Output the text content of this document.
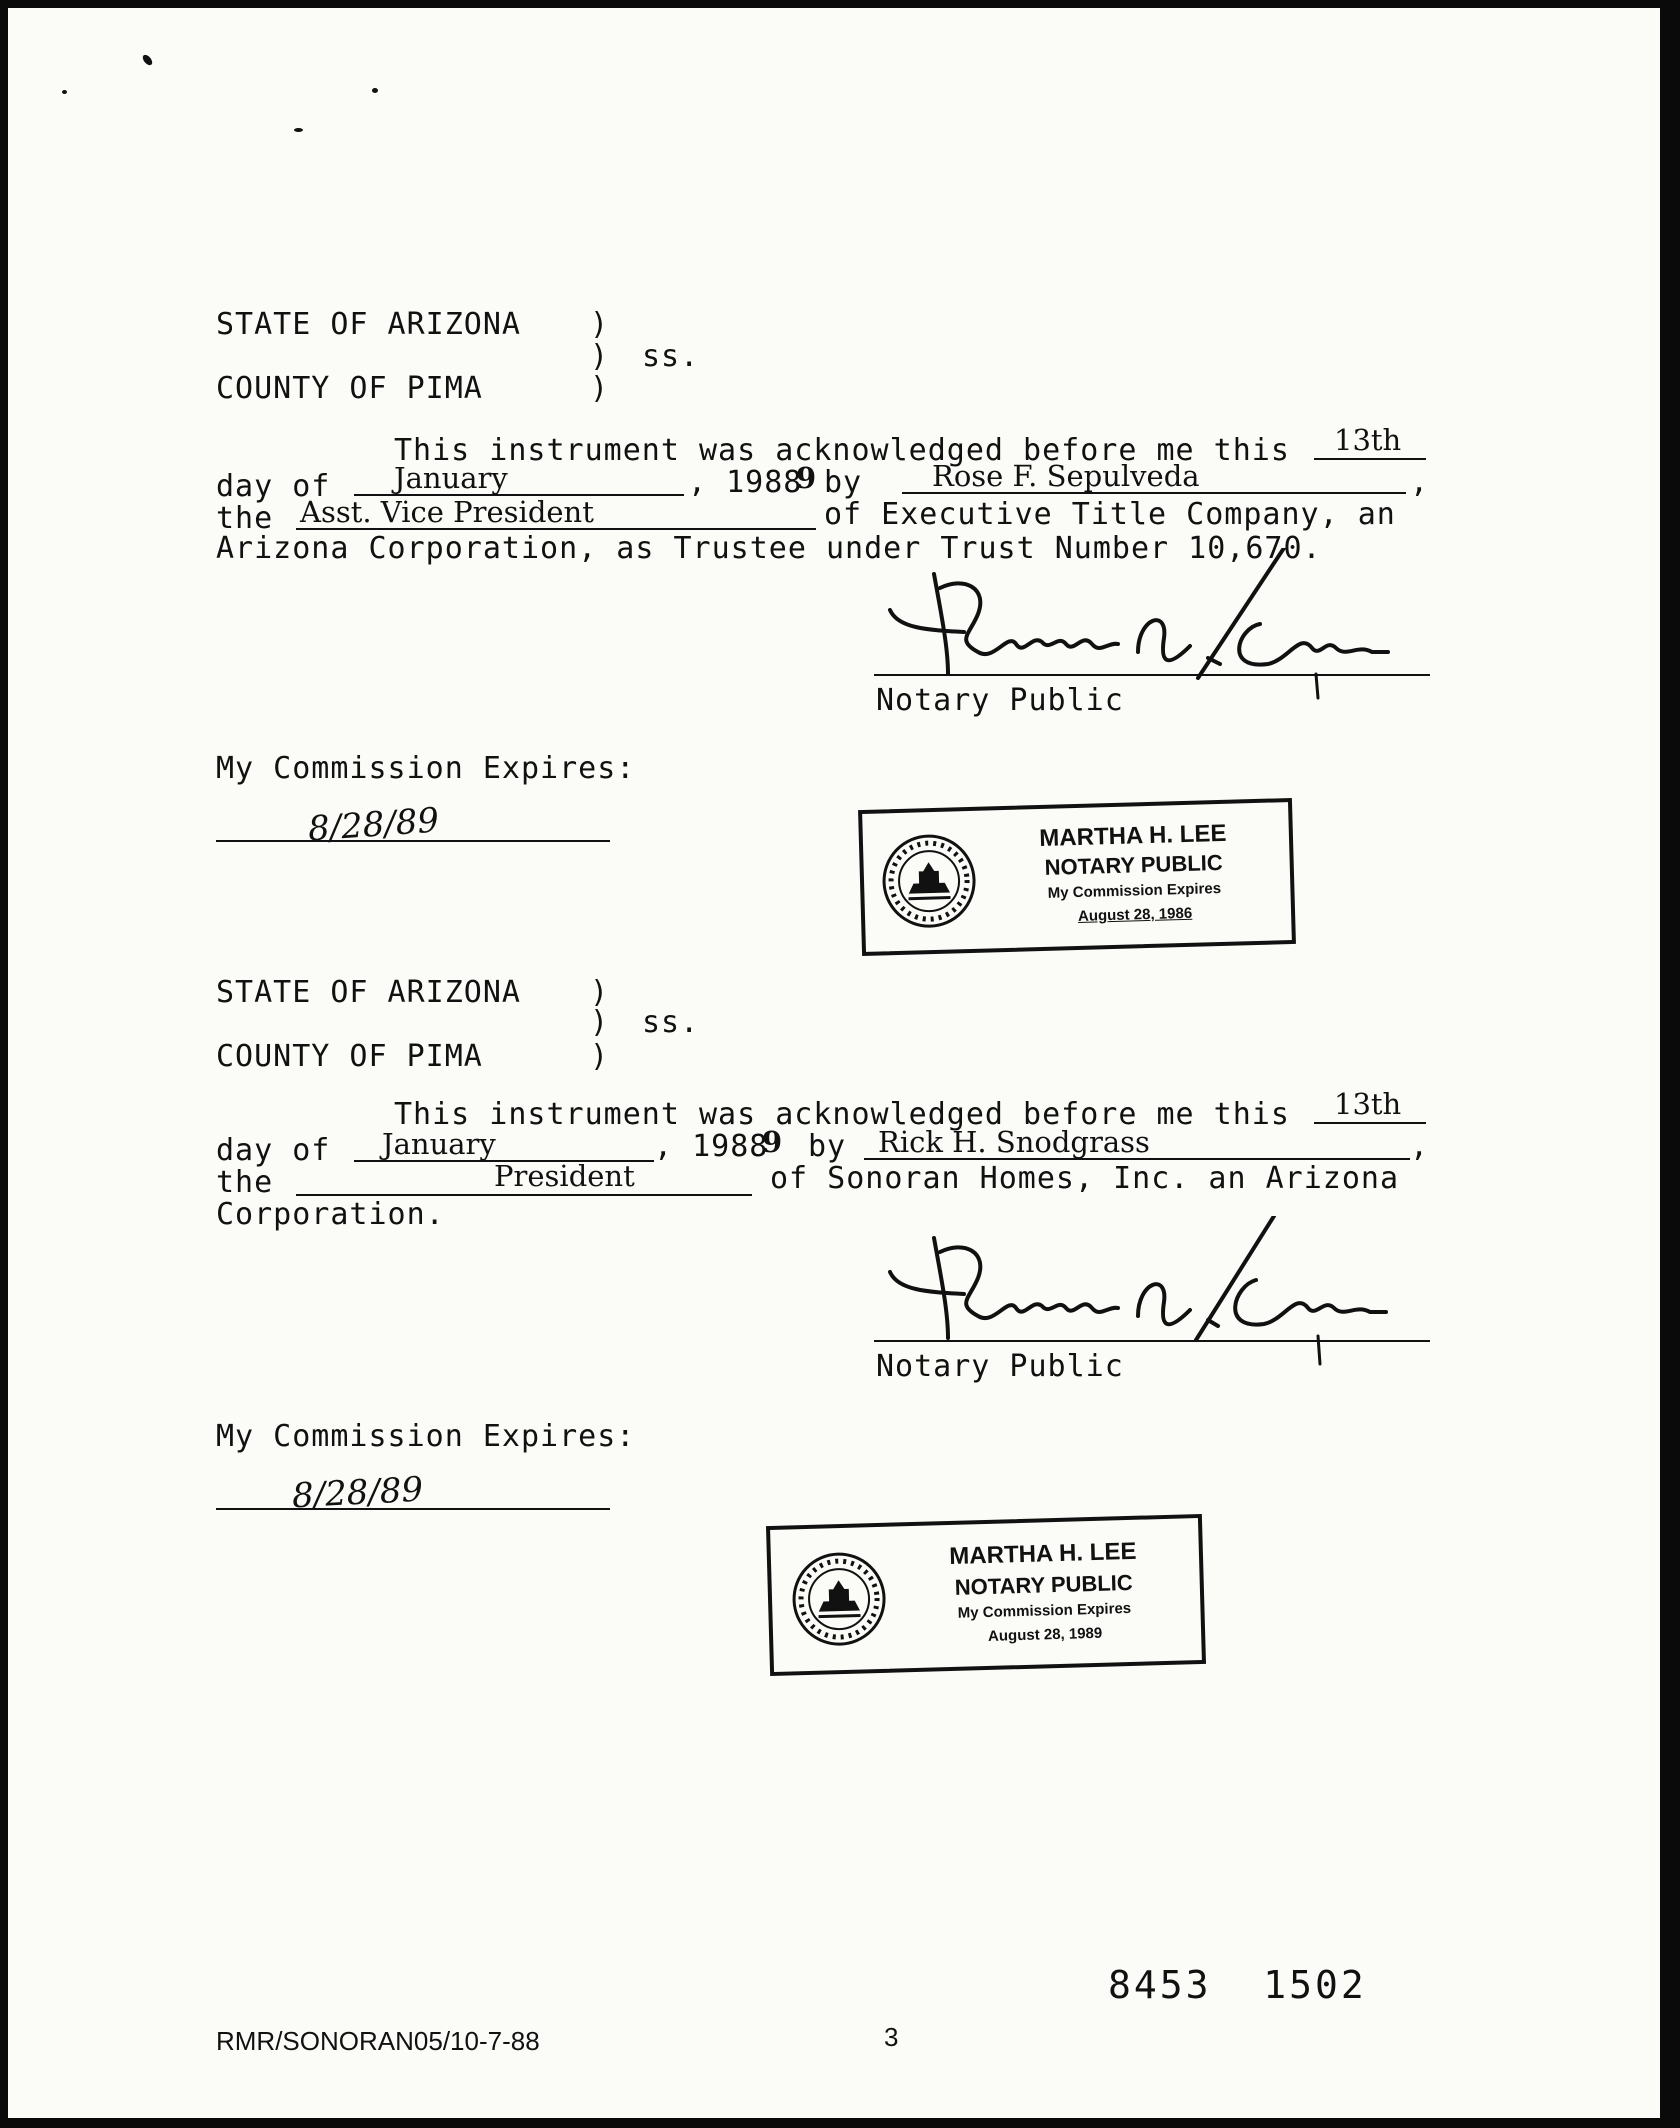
STATE OF ARIZONA )
) ss.
COUNTY OF PIMA	)
This instrument was acknowledged before me this 13th
day of January	, 1988
9 by Rose F. Sepulveda	,
the Asst. Vice President	of Executive Title Company, an
Arizona Corporation, as Trustee under Trust Number 10,670.
Notary Public
My Commission Expires:
8/28/89	MARTHA H. LEE
NOTARY PUBLIC
My Commission Expires
August 28, 1986
STATE OF ARIZONA )
) ss.
COUNTY OF PIMA	)
This instrument was acknowledged before me this 13th
day of January	, 1988
9 by Rick H. Snodgrass	,
the	President	of Sonoran Homes, Inc. an Arizona
Corporation.
Notary Public
My Commission Expires:
8/28/89
MARTHA H. LEE
NOTARY PUBLIC
My Commission Expires
August 28, 1989
8453  1502
RMR/SONORAN05/10-7-88	3
